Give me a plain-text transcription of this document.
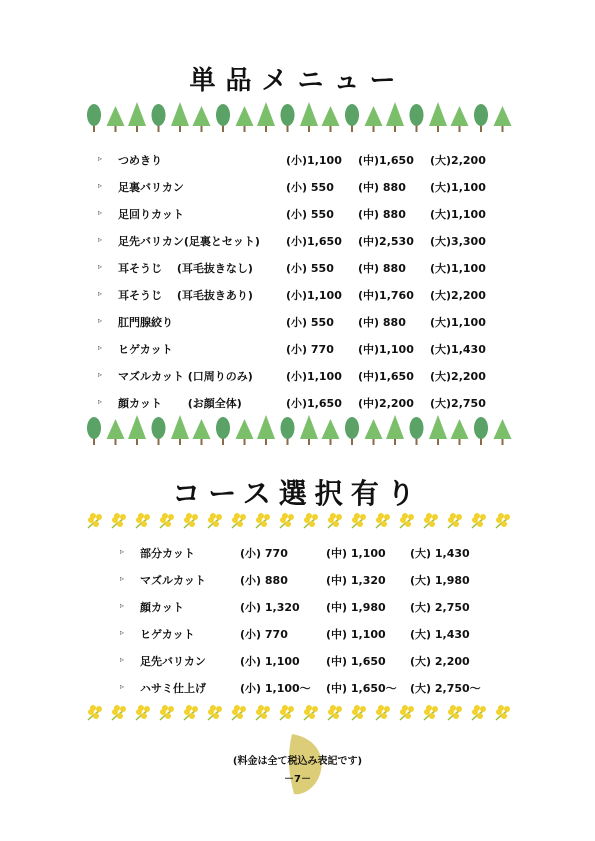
単品メニュー
▹ つめきり	(小)1,100 (中)1,650 (大)2,200
▹ 足裏バリカン	(小) 550 (中) 880 (大)1,100
▹ 足回りカット	(小) 550 (中) 880 (大)1,100
▹ 足先バリカン(足裏とセット) (小)1,650 (中)2,530 (大)3,300
▹ 耳そうじ　 (耳毛抜きなし)	(小) 550 (中) 880 (大)1,100
▹ 耳そうじ　 (耳毛抜きあり)	(小)1,100 (中)1,760 (大)2,200
▹ 肛門腺絞り	(小) 550 (中) 880 (大)1,100
▹ ヒゲカット	(小) 770 (中)1,100 (大)1,430
▹ マズルカット (口周りのみ)	(小)1,100 (中)1,650 (大)2,200
▹ 顔カット　 　(お顔全体)	(小)1,650 (中)2,200 (大)2,750
コース選択有り
▹ 部分カット	(小) 770	(中) 1,100 (大) 1,430
▹ マズルカット	(小) 880	(中) 1,320 (大) 1,980
▹ 顔カット	(小) 1,320 (中) 1,980 (大) 2,750
▹ ヒゲカット	(小) 770	(中) 1,100 (大) 1,430
▹ 足先バリカン	(小) 1,100 (中) 1,650 (大) 2,200
▹ ハサミ仕上げ	(小) 1,100～ (中) 1,650～ (大) 2,750～
(料金は全て税込み表記です)
－7－
